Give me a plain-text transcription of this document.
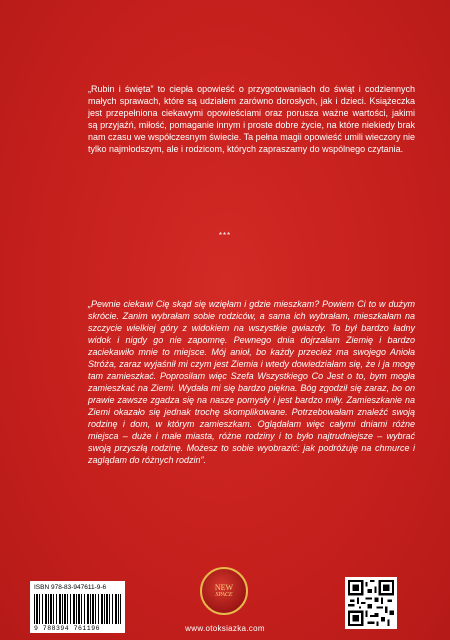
„Rubin i święta” to ciepła opowieść o przygotowaniach do świąt i codziennych małych sprawach, które są udziałem zarówno dorosłych, jak i dzieci. Książeczka jest przepełniona ciekawymi opowieściami oraz porusza ważne wartości, jakimi są przyjaźń, miłość, pomaganie innym i proste dobre życie, na które niekiedy brak nam czasu we współczesnym świecie. Ta pełna magii opowieść umili wieczory nie tylko najmłodszym, ale i rodzicom, których zapraszamy do wspólnego czytania.

***

„Pewnie ciekawi Cię skąd się wzięłam i gdzie mieszkam? Powiem Ci to w dużym skrócie. Zanim wybrałam sobie rodziców, a sama ich wybrałam, mieszkałam na szczycie wielkiej góry z widokiem na wszystkie gwiazdy. To był bardzo ładny widok i nigdy go nie zapomnę. Pewnego dnia dojrzałam Ziemię i bardzo zaciekawiło mnie to miejsce. Mój anioł, bo każdy przecież ma swojego Anioła Stróża, zaraz wyjaśnił mi czym jest Ziemia i wtedy dowiedziałam się, że i ja mogę tam zamieszkać. Poprosiłam więc Szefa Wszystkiego Co Jest o to, bym mogła zamieszkać na Ziemi. Wydała mi się bardzo piękna. Bóg zgodził się zaraz, bo on prawie zawsze zgadza się na nasze pomysły i jest bardzo miły. Zamieszkanie na Ziemi okazało się jednak trochę skomplikowane. Potrzebowałam znaleźć swoją rodzinę i dom, w którym zamieszkam. Oglądałam więc całymi dniami różne miejsca – duże i małe miasta, różne rodziny i to było najtrudniejsze – wybrać swoją przyszłą rodzinę. Możesz to sobie wyobrazić: jak podróżuję na chmurce i zaglądam do różnych rodzin”.

ISBN 978-83-947611-9-6
9 788394 761196
NEW
SPACE
www.otoksiazka.com
